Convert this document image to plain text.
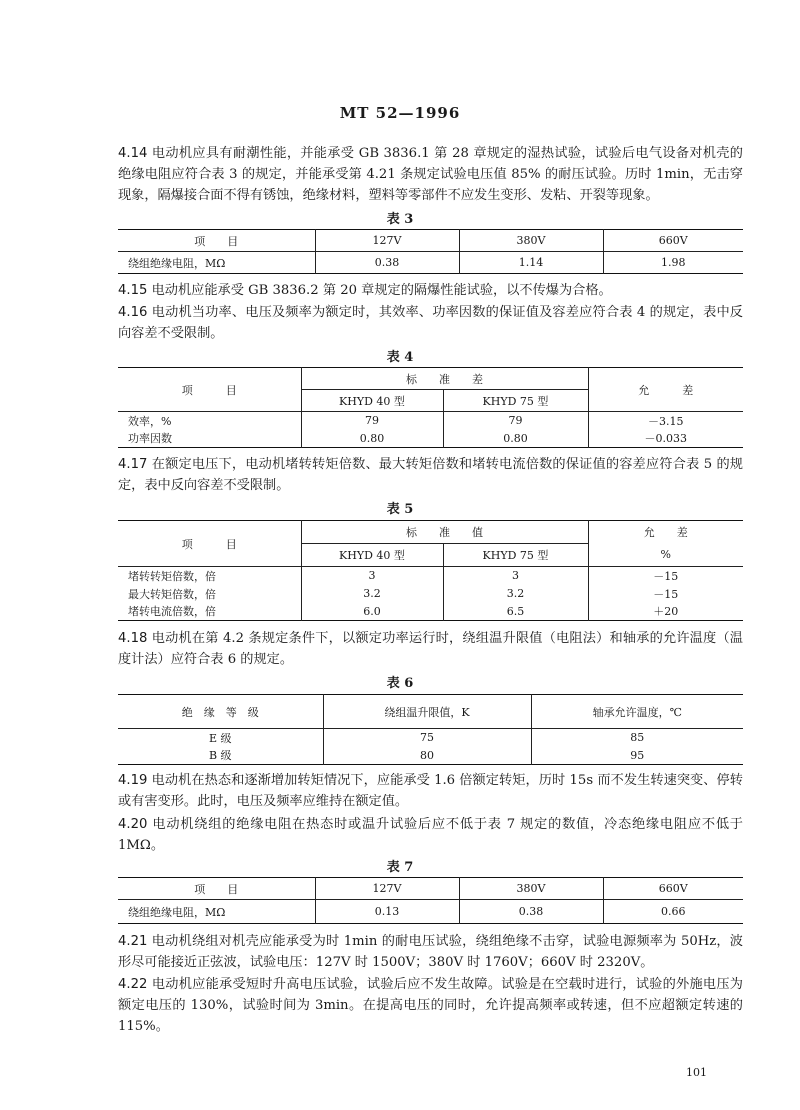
MT 52—1996
4.14 电动机应具有耐潮性能，并能承受 GB 3836.1 第 28 章规定的湿热试验，试验后电气设备对机壳的绝缘电阻应符合表 3 的规定，并能承受第 4.21 条规定试验电压值 85% 的耐压试验。历时 1min，无击穿现象，隔爆接合面不得有锈蚀，绝缘材料，塑料等零部件不应发生变形、发粘、开裂等现象。
表 3
项　　目	127V	380V	660V
绕组绝缘电阻，MΩ	0.38	1.14	1.98
4.15 电动机应能承受 GB 3836.2 第 20 章规定的隔爆性能试验，以不传爆为合格。
4.16 电动机当功率、电压及频率为额定时，其效率、功率因数的保证值及容差应符合表 4 的规定，表中反向容差不受限制。
表 4
项　　　目	标　　准　　差		允　　　差
	KHYD 40 型	KHYD 75 型	
效率，%	79	79	－3.15
功率因数	0.80	0.80	－0.033
4.17 在额定电压下，电动机堵转转矩倍数、最大转矩倍数和堵转电流倍数的保证值的容差应符合表 5 的规定，表中反向容差不受限制。
表 5
项　　　目	标　　准　　值		允　　差
	KHYD 40 型	KHYD 75 型	%
堵转转矩倍数，倍	3	3	－15
最大转矩倍数，倍	3.2	3.2	－15
堵转电流倍数，倍	6.0	6.5	＋20
4.18 电动机在第 4.2 条规定条件下，以额定功率运行时，绕组温升限值（电阻法）和轴承的允许温度（温度计法）应符合表 6 的规定。
表 6
绝　缘　等　级	绕组温升限值，K	轴承允许温度，℃
E 级	75	85
B 级	80	95
4.19 电动机在热态和逐渐增加转矩情况下，应能承受 1.6 倍额定转矩，历时 15s 而不发生转速突变、停转或有害变形。此时，电压及频率应维持在额定值。
4.20 电动机绕组的绝缘电阻在热态时或温升试验后应不低于表 7 规定的数值，冷态绝缘电阻应不低于 1MΩ。
表 7
项　　目	127V	380V	660V
绕组绝缘电阻，MΩ	0.13	0.38	0.66
4.21 电动机绕组对机壳应能承受为时 1min 的耐电压试验，绕组绝缘不击穿，试验电源频率为 50Hz，波形尽可能接近正弦波，试验电压：127V 时 1500V；380V 时 1760V；660V 时 2320V。
4.22 电动机应能承受短时升高电压试验，试验后应不发生故障。试验是在空载时进行，试验的外施电压为额定电压的 130%，试验时间为 3min。在提高电压的同时，允许提高频率或转速，但不应超额定转速的 115%。
101
